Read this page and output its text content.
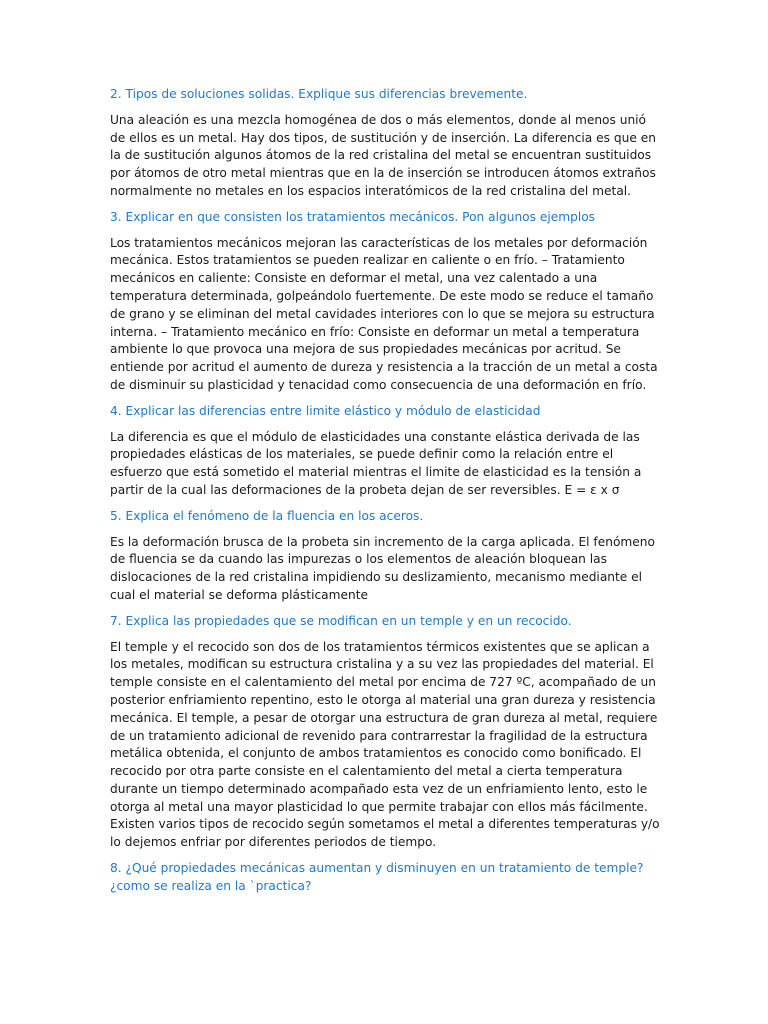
2. Tipos de soluciones solidas. Explique sus diferencias brevemente.

Una aleación es una mezcla homogénea de dos o más elementos, donde al menos unió de ellos es un metal. Hay dos tipos, de sustitución y de inserción. La diferencia es que en la de sustitución algunos átomos de la red cristalina del metal se encuentran sustituidos por átomos de otro metal mientras que en la de inserción se introducen átomos extraños normalmente no metales en los espacios interatómicos de la red cristalina del metal.

3. Explicar en que consisten los tratamientos mecánicos. Pon algunos ejemplos

Los tratamientos mecánicos mejoran las características de los metales por deformación mecánica. Estos tratamientos se pueden realizar en caliente o en frío. – Tratamiento mecánicos en caliente: Consiste en deformar el metal, una vez calentado a una temperatura determinada, golpeándolo fuertemente. De este modo se reduce el tamaño de grano y se eliminan del metal cavidades interiores con lo que se mejora su estructura interna. – Tratamiento mecánico en frío: Consiste en deformar un metal a temperatura ambiente lo que provoca una mejora de sus propiedades mecánicas por acritud. Se entiende por acritud el aumento de dureza y resistencia a la tracción de un metal a costa de disminuir su plasticidad y tenacidad como consecuencia de una deformación en frío.

4. Explicar las diferencias entre limite elástico y módulo de elasticidad

La diferencia es que el módulo de elasticidades una constante elástica derivada de las propiedades elásticas de los materiales, se puede definir como la relación entre el esfuerzo que está sometido el material mientras el limite de elasticidad es la tensión a partir de la cual las deformaciones de la probeta dejan de ser reversibles. E = ε x σ

5. Explica el fenómeno de la fluencia en los aceros.

Es la deformación brusca de la probeta sin incremento de la carga aplicada. El fenómeno de fluencia se da cuando las impurezas o los elementos de aleación bloquean las dislocaciones de la red cristalina impidiendo su deslizamiento, mecanismo mediante el cual el material se deforma plásticamente

7. Explica las propiedades que se modifican en un temple y en un recocido.

El temple y el recocido son dos de los tratamientos térmicos existentes que se aplican a los metales, modifican su estructura cristalina y a su vez las propiedades del material. El temple consiste en el calentamiento del metal por encima de 727 ºC, acompañado de un posterior enfriamiento repentino, esto le otorga al material una gran dureza y resistencia mecánica. El temple, a pesar de otorgar una estructura de gran dureza al metal, requiere de un tratamiento adicional de revenido para contrarrestar la fragilidad de la estructura metálica obtenida, el conjunto de ambos tratamientos es conocido como bonificado. El recocido por otra parte consiste en el calentamiento del metal a cierta temperatura durante un tiempo determinado acompañado esta vez de un enfriamiento lento, esto le otorga al metal una mayor plasticidad lo que permite trabajar con ellos más fácilmente. Existen varios tipos de recocido según sometamos el metal a diferentes temperaturas y/o lo dejemos enfriar por diferentes periodos de tiempo.

8. ¿Qué propiedades mecánicas aumentan y disminuyen en un tratamiento de temple? ¿como se realiza en la `practica?
